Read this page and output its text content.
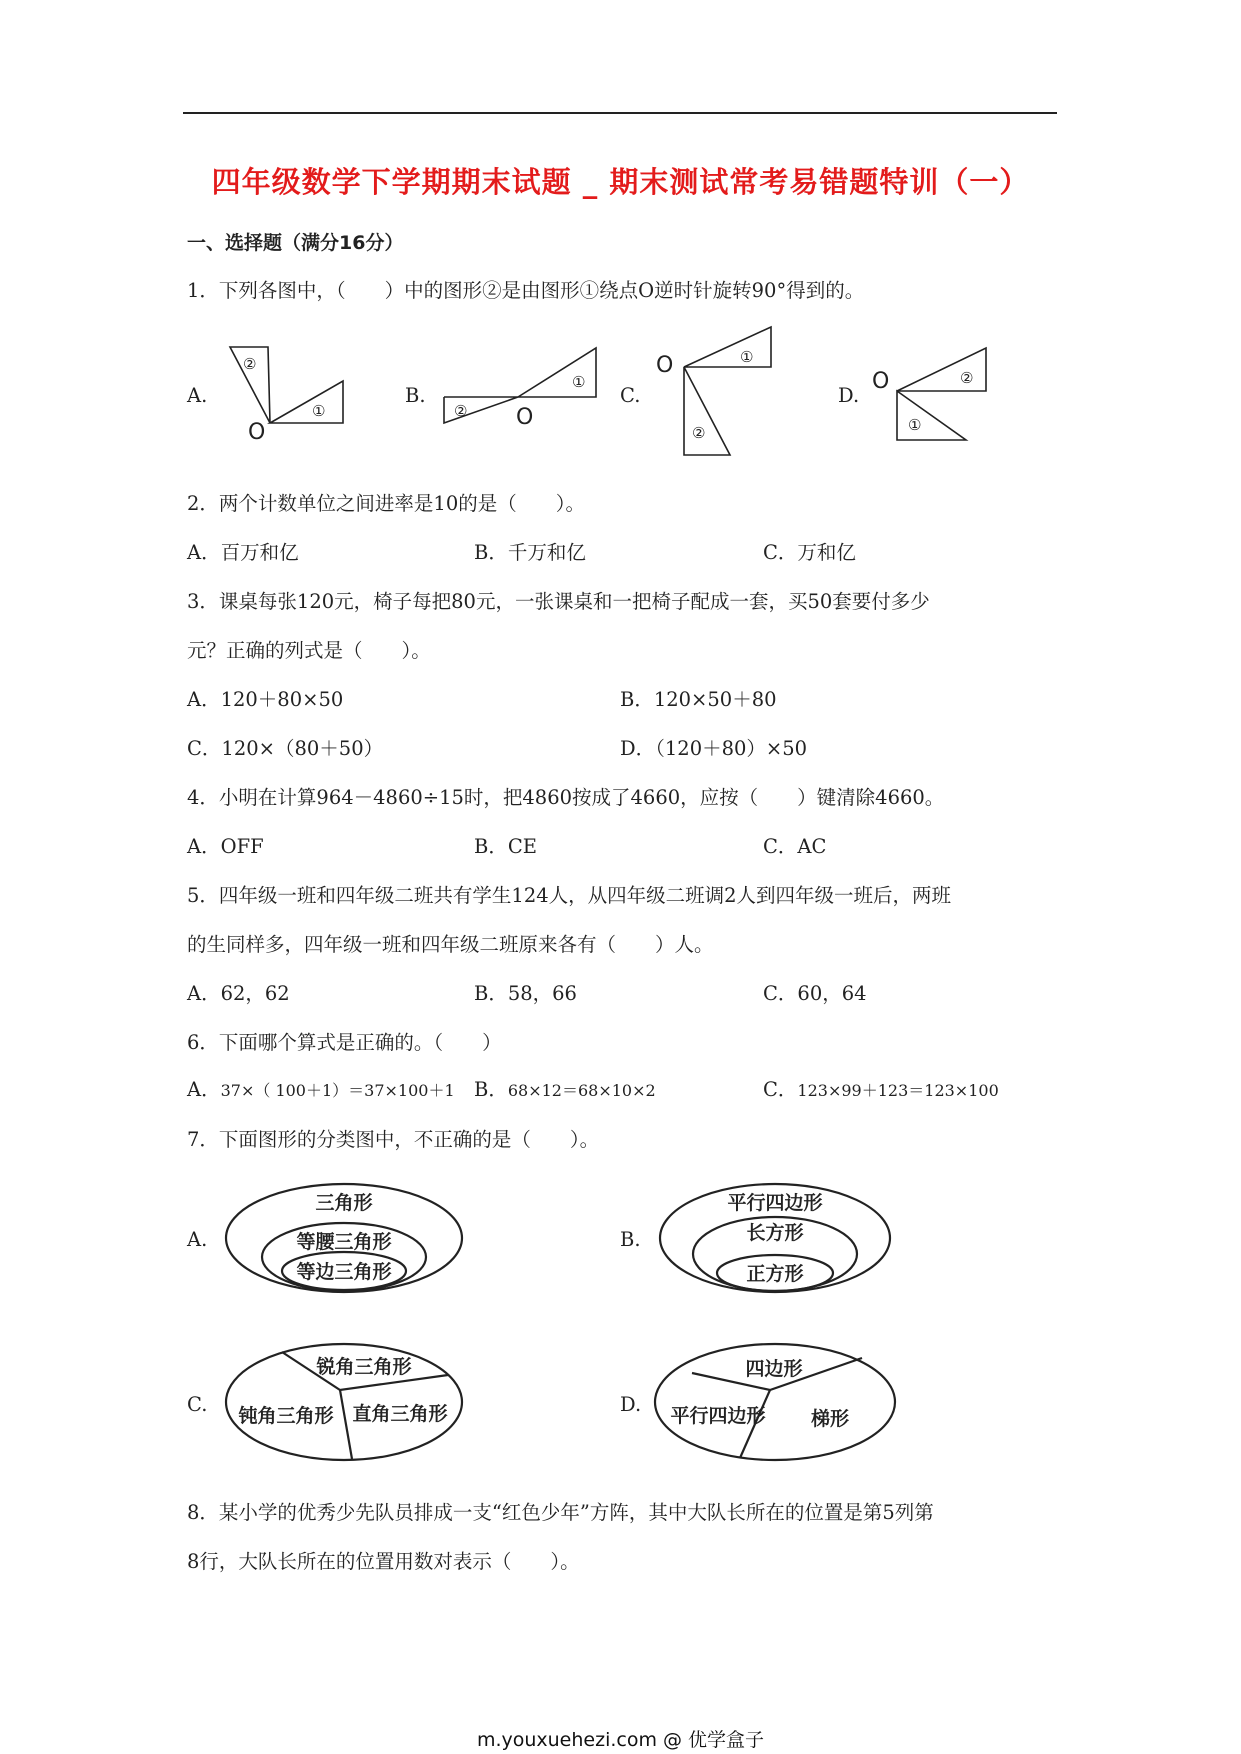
四年级数学下学期期末试题 _ 期末测试常考易错题特训（一）
一、选择题（满分16分）
1．下列各图中，（　　）中的图形②是由图形①绕点O逆时针旋转90°得到的。
A.	B.	C.	D.
O
O
O
O
②
①	②
①
①
②
②
①
2．两个计数单位之间进率是10的是（　　）。
A．百万和亿	B．千万和亿	C．万和亿
3．课桌每张120元，椅子每把80元，一张课桌和一把椅子配成一套，买50套要付多少
元？正确的列式是（　　）。
A．120＋80×50	B．120×50＋80
C．120×（80＋50）	D．（120＋80）×50
4．小明在计算964－4860÷15时，把4860按成了4660，应按（　　）键清除4660。
A．OFF	B．CE	C．AC
5．四年级一班和四年级二班共有学生124人，从四年级二班调2人到四年级一班后，两班
的生同样多，四年级一班和四年级二班原来各有（　　）人。
A．62，62	B．58，66	C．60，64
6．下面哪个算式是正确的。（　　）
A．37×（ 100＋1）＝37×100＋1 B．68×12＝68×10×2	C．123×99＋123＝123×100
7．下面图形的分类图中，不正确的是（　　）。
A.	B.
C.	D.
三角形
等腰三角形
等边三角形
平行四边形
长方形
正方形
锐角三角形
钝角三角形 直角三角形
四边形
平行四边形 梯形
8．某小学的优秀少先队员排成一支“红色少年”方阵，其中大队长所在的位置是第5列第
8行，大队长所在的位置用数对表示（　　）。
m.youxuehezi.com @ 优学盒子
